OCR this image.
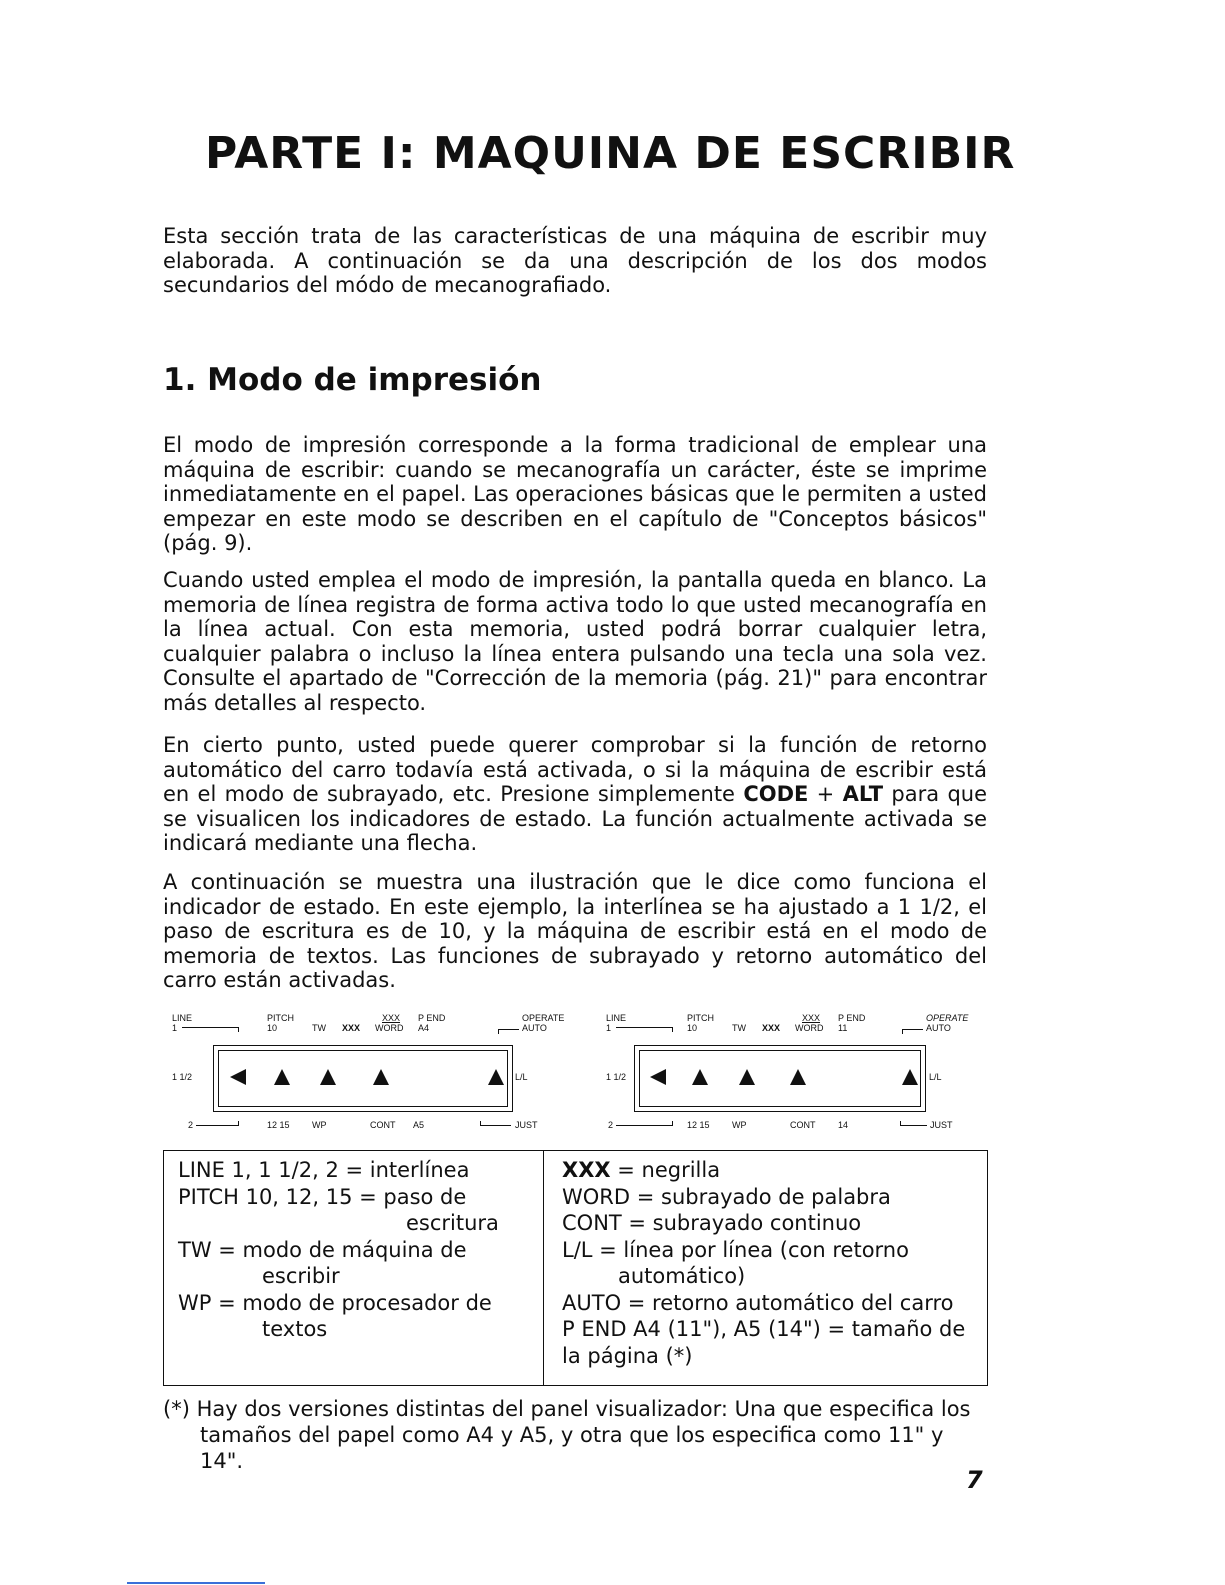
PARTE I: MAQUINA DE ESCRIBIR

Esta sección trata de las características de una máquina de escribir muy elaborada. A continuación se da una descripción de los dos modos secundarios del módo de mecanografiado.

1. Modo de impresión

El modo de impresión corresponde a la forma tradicional de emplear una máquina de escribir: cuando se mecanografía un carácter, éste se imprime inmediatamente en el papel. Las operaciones básicas que le permiten a usted empezar en este modo se describen en el capítulo de "Conceptos básicos" (pág. 9).

Cuando usted emplea el modo de impresión, la pantalla queda en blanco. La memoria de línea registra de forma activa todo lo que usted mecanografía en la línea actual. Con esta memoria, usted podrá borrar cualquier letra, cualquier palabra o incluso la línea entera pulsando una tecla una sola vez. Consulte el apartado de "Corrección de la memoria (pág. 21)" para encontrar más detalles al respecto.

En cierto punto, usted puede querer comprobar si la función de retorno automático del carro todavía está activada, o si la máquina de escribir está en el modo de subrayado, etc. Presione simplemente CODE + ALT para que se visualicen los indicadores de estado. La función actualmente activada se indicará mediante una flecha.

A continuación se muestra una ilustración que le dice como funciona el indicador de estado. En este ejemplo, la interlínea se ha ajustado a 1 1/2, el paso de escritura es de 10, y la máquina de escribir está en el modo de memoria de textos. Las funciones de subrayado y retorno automático del carro están activadas.

LINE
1
PITCH
10	TW XXX
XXX
WORD
P END
A4
OPERATE
AUTO
1 1/2	L/L
2	12 15 WP	CONT A5	JUST
LINE
1
PITCH
10	TW XXX
XXX
WORD
P END
11
OPERATE
AUTO
1 1/2	L/L
2	12 15 WP	CONT	14	JUST
LINE 1, 1 1/2, 2 = interlínea
PITCH 10, 12, 15 = paso de
escritura
TW = modo de máquina de
escribir
WP = modo de procesador de
textos
XXX = negrilla
WORD = subrayado de palabra
CONT = subrayado continuo
L/L = línea por línea (con retorno
automático)
AUTO = retorno automático del carro
P END A4 (11"), A5 (14") = tamaño de
la página (*)
(*) Hay dos versiones distintas del panel visualizador: Una que especifica los
tamaños del papel como A4 y A5, y otra que los especifica como 11" y 14".
7
